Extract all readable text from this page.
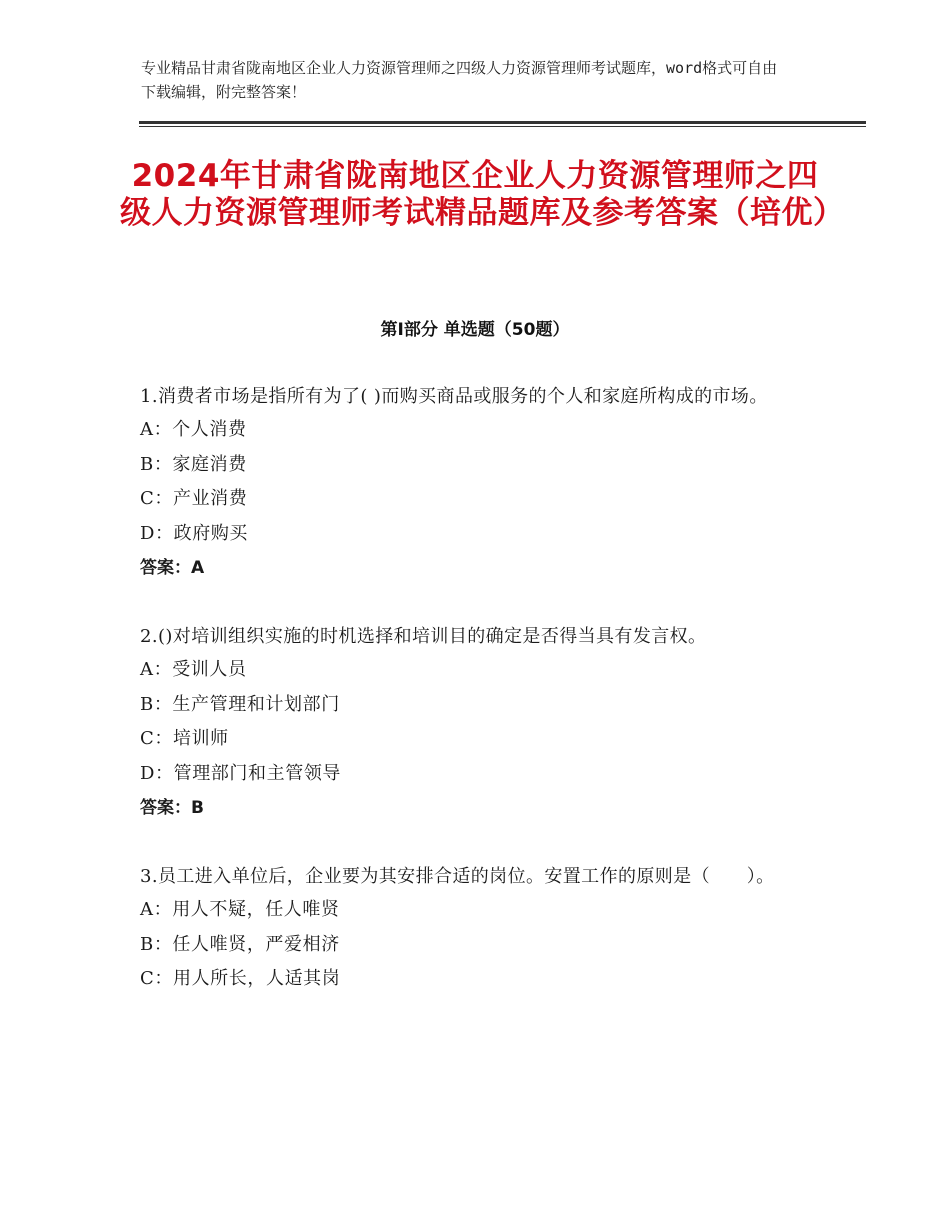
专业精品甘肃省陇南地区企业人力资源管理师之四级人力资源管理师考试题库，word格式可自由下载编辑，附完整答案！
2024年甘肃省陇南地区企业人力资源管理师之四级人力资源管理师考试精品题库及参考答案（培优）
第Ⅰ部分 单选题（50题）

1.消费者市场是指所有为了( )而购买商品或服务的个人和家庭所构成的市场。

A：个人消费
B：家庭消费
C：产业消费
D：政府购买
答案：A

2.()对培训组织实施的时机选择和培训目的确定是否得当具有发言权。

A：受训人员
B：生产管理和计划部门
C：培训师
D：管理部门和主管领导
答案：B

3.员工进入单位后，企业要为其安排合适的岗位。安置工作的原则是（　　）。

A：用人不疑，任人唯贤
B：任人唯贤，严爱相济
C：用人所长，人适其岗
